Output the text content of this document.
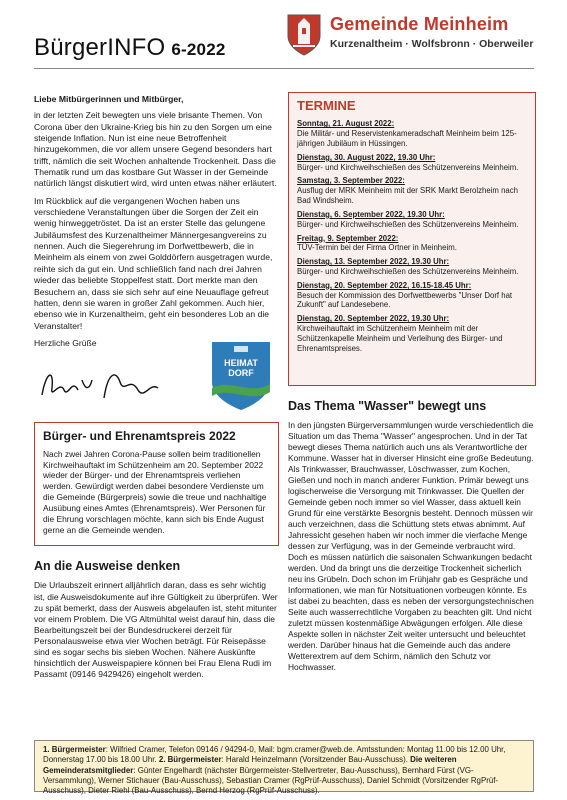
BürgerINFO 6-2022
Gemeinde Meinheim
Kurzenaltheim · Wolfsbronn · Oberweiler

Liebe Mitbürgerinnen und Mitbürger,

in der letzten Zeit bewegten uns viele brisante Themen. Von Corona über den Ukraine-Krieg bis hin zu den Sorgen um eine steigende Inflation. Nun ist eine neue Betroffenheit hinzugekommen, die vor allem unsere Gegend besonders hart trifft, nämlich die seit Wochen anhaltende Trockenheit. Dass die Thematik rund um das kostbare Gut Wasser in der Gemeinde natürlich längst diskutiert wird, wird unten etwas näher erläutert.

Im Rückblick auf die vergangenen Wochen haben uns verschiedene Veranstaltungen über die Sorgen der Zeit ein wenig hinweggetröstet. Da ist an erster Stelle das gelungene Jubiläumsfest des Kurzenaltheimer Männergesangvereins zu nennen. Auch die Siegerehrung im Dorfwettbewerb, die in Meinheim als einem von zwei Golddörfern ausgetragen wurde, reihte sich da gut ein. Und schließlich fand nach drei Jahren wieder das beliebte Stoppelfest statt. Dort merkte man den Besuchern an, dass sie sich sehr auf eine Neuauflage gefreut hatten, denn sie waren in großer Zahl gekommen. Auch hier, ebenso wie in Kurzenaltheim, geht ein besonderes Lob an die Veranstalter!

Herzliche Grüße

HEIMAT
DORF
Bürger- und Ehrenamtspreis 2022

Nach zwei Jahren Corona-Pause sollen beim traditionellen Kirchweihauftakt im Schützenheim am 20. September 2022 wieder der Bürger- und der Ehrenamtspreis verliehen werden. Gewürdigt werden dabei besondere Verdienste um die Gemeinde (Bürgerpreis) sowie die treue und nachhaltige Ausübung eines Amtes (Ehrenamtspreis). Wer Personen für die Ehrung vorschlagen möchte, kann sich bis Ende August gerne an die Gemeinde wenden.

An die Ausweise denken

Die Urlaubszeit erinnert alljährlich daran, dass es sehr wichtig ist, die Ausweisdokumente auf ihre Gültigkeit zu überprüfen. Wer zu spät bemerkt, dass der Ausweis abgelaufen ist, steht mitunter vor einem Problem. Die VG Altmühltal weist darauf hin, dass die Bearbeitungszeit bei der Bundesdruckerei derzeit für Personalausweise etwa vier Wochen beträgt. Für Reisepässe sind es sogar sechs bis sieben Wochen. Nähere Auskünfte hinsichtlich der Ausweispapiere können bei Frau Elena Rudi im Passamt (09146 9429426) eingeholt werden.

TERMINE
Sonntag, 21. August 2022:
Die Militär- und Reservistenkameradschaft Meinheim beim 125-jährigen Jubiläum in Hüssingen.
Dienstag, 30. August 2022, 19.30 Uhr:
Bürger- und Kirchweihschießen des Schützenvereins Meinheim.
Samstag, 3. September 2022:
Ausflug der MRK Meinheim mit der SRK Markt Berolzheim nach Bad Windsheim.
Dienstag, 6. September 2022, 19.30 Uhr:
Bürger- und Kirchweihschießen des Schützenvereins Meinheim.
Freitag, 9. September 2022:
TÜV-Termin bei der Firma Ortner in Meinheim.
Dienstag, 13. September 2022, 19.30 Uhr:
Bürger- und Kirchweihschießen des Schützenvereins Meinheim.
Dienstag, 20. September 2022, 16.15-18.45 Uhr:
Besuch der Kommission des Dorfwettbewerbs "Unser Dorf hat Zukunft" auf Landesebene.
Dienstag, 20. September 2022, 19.30 Uhr:
Kirchweihauftakt im Schützenheim Meinheim mit der Schützenkapelle Meinheim und Verleihung des Bürger- und Ehrenamtspreises.
Das Thema "Wasser" bewegt uns

In den jüngsten Bürgerversammlungen wurde verschiedentlich die Situation um das Thema "Wasser" angesprochen. Und in der Tat bewegt dieses Thema natürlich auch uns als Verantwortliche der Kommune. Wasser hat in diverser Hinsicht eine große Bedeutung. Als Trinkwasser, Brauchwasser, Löschwasser, zum Kochen, Gießen und noch in manch anderer Funktion. Primär bewegt uns logischerweise die Versorgung mit Trinkwasser. Die Quellen der Gemeinde geben noch immer so viel Wasser, dass aktuell kein Grund für eine verstärkte Besorgnis besteht. Dennoch müssen wir auch verzeichnen, dass die Schüttung stets etwas abnimmt. Auf Jahressicht gesehen haben wir noch immer die vierfache Menge dessen zur Verfügung, was in der Gemeinde verbraucht wird. Doch es müssen natürlich die saisonalen Schwankungen bedacht werden. Und da bringt uns die derzeitige Trockenheit sicherlich neu ins Grübeln. Doch schon im Frühjahr gab es Gespräche und Informationen, wie man für Notsituationen vorbeugen könnte. Es ist dabei zu beachten, dass es neben der versorgungstechnischen Seite auch wasserrechtliche Vorgaben zu beachten gilt. Und nicht zuletzt müssen kostenmäßige Abwägungen erfolgen. Alle diese Aspekte sollen in nächster Zeit weiter untersucht und beleuchtet werden. Darüber hinaus hat die Gemeinde auch das andere Wetterextrem auf dem Schirm, nämlich den Schutz vor Hochwasser.

1. Bürgermeister: Wilfried Cramer, Telefon 09146 / 94294-0, Mail: bgm.cramer@web.de. Amtsstunden: Montag 11.00 bis 12.00 Uhr, Donnerstag 17.00 bis 18.00 Uhr. 2. Bürgermeister: Harald Heinzelmann (Vorsitzender Bau-Ausschuss). Die weiteren Gemeinderatsmitglieder: Günter Engelhardt (nächster Bürgermeister-Stellvertreter, Bau-Ausschuss), Bernhard Fürst (VG-Versammlung), Werner Stichauer (Bau-Ausschuss), Sebastian Cramer (RgPrüf-Ausschuss), Daniel Schmidt (Vorsitzender RgPrüf-Ausschuss), Dieter Riehl (Bau-Ausschuss), Bernd Herzog (RgPrüf-Ausschuss).
